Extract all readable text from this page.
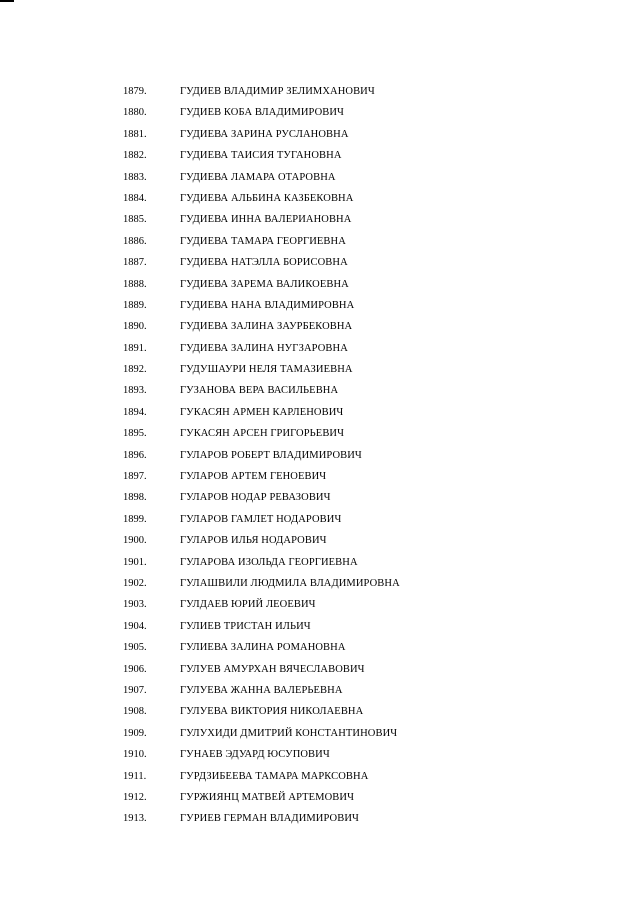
1879.	ГУДИЕВ ВЛАДИМИР ЗЕЛИМХАНОВИЧ
1880.	ГУДИЕВ КОБА ВЛАДИМИРОВИЧ
1881.	ГУДИЕВА ЗАРИНА РУСЛАНОВНА
1882.	ГУДИЕВА ТАИСИЯ ТУГАНОВНА
1883.	ГУДИЕВА ЛАМАРА ОТАРОВНА
1884.	ГУДИЕВА АЛЬБИНА КАЗБЕКОВНА
1885.	ГУДИЕВА ИННА ВАЛЕРИАНОВНА
1886.	ГУДИЕВА ТАМАРА ГЕОРГИЕВНА
1887.	ГУДИЕВА НАТЭЛЛА БОРИСОВНА
1888.	ГУДИЕВА ЗАРЕМА ВАЛИКОЕВНА
1889.	ГУДИЕВА НАНА ВЛАДИМИРОВНА
1890.	ГУДИЕВА ЗАЛИНА ЗАУРБЕКОВНА
1891.	ГУДИЕВА ЗАЛИНА НУГЗАРОВНА
1892.	ГУДУШАУРИ НЕЛЯ ТАМАЗИЕВНА
1893.	ГУЗАНОВА ВЕРА ВАСИЛЬЕВНА
1894.	ГУКАСЯН АРМЕН КАРЛЕНОВИЧ
1895.	ГУКАСЯН АРСЕН ГРИГОРЬЕВИЧ
1896.	ГУЛАРОВ РОБЕРТ ВЛАДИМИРОВИЧ
1897.	ГУЛАРОВ АРТЕМ ГЕНОЕВИЧ
1898.	ГУЛАРОВ НОДАР РЕВАЗОВИЧ
1899.	ГУЛАРОВ ГАМЛЕТ НОДАРОВИЧ
1900.	ГУЛАРОВ ИЛЬЯ НОДАРОВИЧ
1901.	ГУЛАРОВА ИЗОЛЬДА ГЕОРГИЕВНА
1902.	ГУЛАШВИЛИ ЛЮДМИЛА ВЛАДИМИРОВНА
1903.	ГУЛДАЕВ ЮРИЙ ЛЕОЕВИЧ
1904.	ГУЛИЕВ ТРИСТАН ИЛЬИЧ
1905.	ГУЛИЕВА ЗАЛИНА РОМАНОВНА
1906.	ГУЛУЕВ АМУРХАН ВЯЧЕСЛАВОВИЧ
1907.	ГУЛУЕВА ЖАННА ВАЛЕРЬЕВНА
1908.	ГУЛУЕВА ВИКТОРИЯ НИКОЛАЕВНА
1909.	ГУЛУХИДИ ДМИТРИЙ КОНСТАНТИНОВИЧ
1910.	ГУНАЕВ ЭДУАРД ЮСУПОВИЧ
1911.	ГУРДЗИБЕЕВА ТАМАРА МАРКСОВНА
1912.	ГУРЖИЯНЦ МАТВЕЙ АРТЕМОВИЧ
1913.	ГУРИЕВ ГЕРМАН ВЛАДИМИРОВИЧ
